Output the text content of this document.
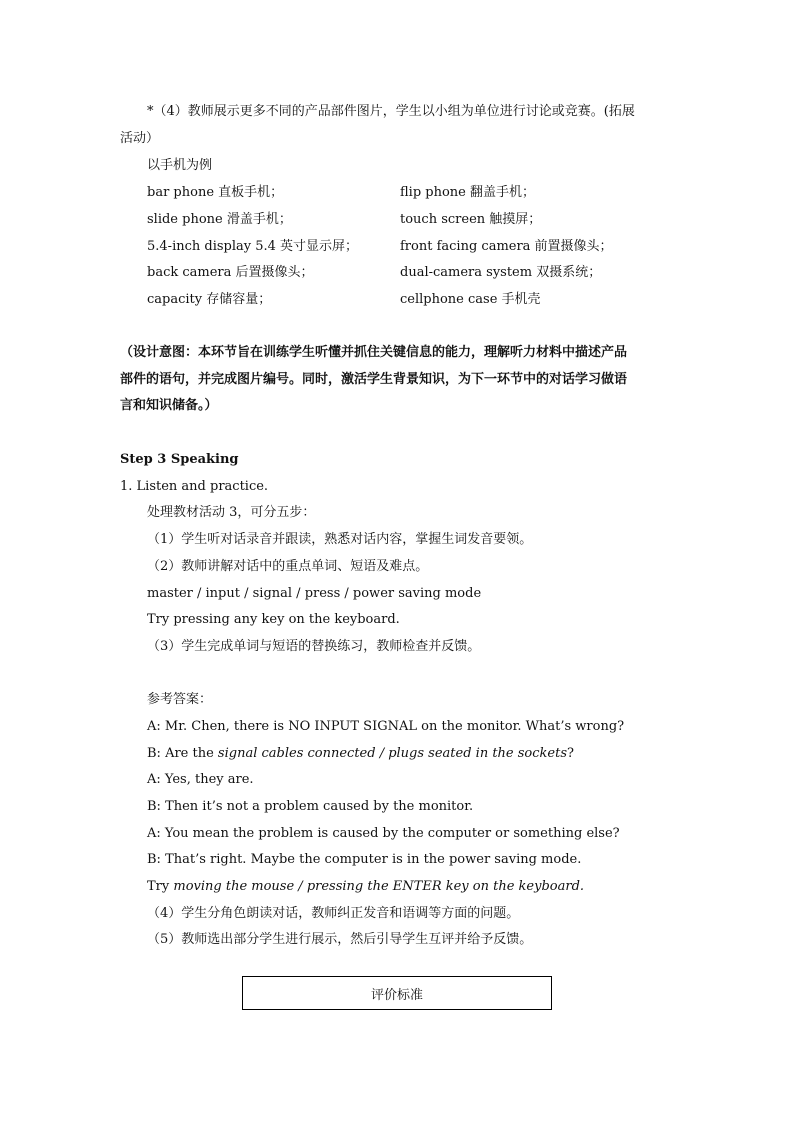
*（4）教师展示更多不同的产品部件图片，学生以小组为单位进行讨论或竞赛。(拓展
活动）
以手机为例
bar phone 直板手机；	flip phone 翻盖手机；
slide phone 滑盖手机；	touch screen 触摸屏；
5.4-inch display 5.4 英寸显示屏；	front facing camera 前置摄像头；
back camera 后置摄像头；	dual-camera system 双摄系统；
capacity 存储容量；	cellphone case 手机壳
（设计意图：本环节旨在训练学生听懂并抓住关键信息的能力，理解听力材料中描述产品
部件的语句，并完成图片编号。同时，激活学生背景知识，为下一环节中的对话学习做语
言和知识储备。）
Step 3 Speaking
1. Listen and practice.
处理教材活动 3，可分五步：
（1）学生听对话录音并跟读，熟悉对话内容，掌握生词发音要领。
（2）教师讲解对话中的重点单词、短语及难点。
master / input / signal / press / power saving mode
Try pressing any key on the keyboard.
（3）学生完成单词与短语的替换练习，教师检查并反馈。
参考答案：
A: Mr. Chen, there is NO INPUT SIGNAL on the monitor. What’s wrong?
B: Are the signal cables connected / plugs seated in the sockets?
A: Yes, they are.
B: Then it’s not a problem caused by the monitor.
A: You mean the problem is caused by the computer or something else?
B: That’s right. Maybe the computer is in the power saving mode.
Try moving the mouse / pressing the ENTER key on the keyboard.
（4）学生分角色朗读对话，教师纠正发音和语调等方面的问题。
（5）教师选出部分学生进行展示，然后引导学生互评并给予反馈。
评价标准
